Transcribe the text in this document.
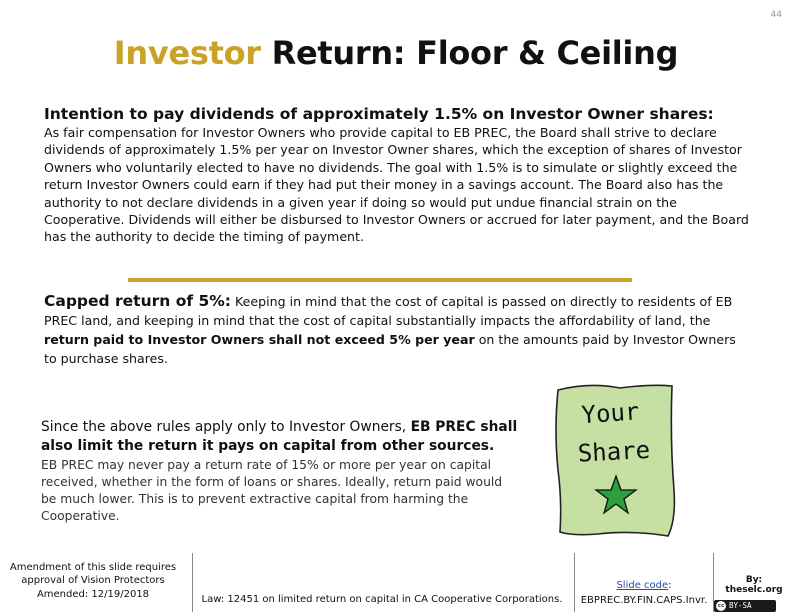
44
Investor Return: Floor & Ceiling
Intention to pay dividends of approximately 1.5% on Investor Owner shares:
As fair compensation for Investor Owners who provide capital to EB PREC, the Board shall strive to declare dividends of approximately 1.5% per year on Investor Owner shares, which the exception of shares of Investor Owners who voluntarily elected to have no dividends. The goal with 1.5% is to simulate or slightly exceed the return Investor Owners could earn if they had put their money in a savings account. The Board also has the authority to not declare dividends in a given year if doing so would put undue financial strain on the Cooperative. Dividends will either be disbursed to Investor Owners or accrued for later payment, and the Board has the authority to decide the timing of payment.
Capped return of 5%: Keeping in mind that the cost of capital is passed on directly to residents of EB PREC land, and keeping in mind that the cost of capital substantially impacts the affordability of land, the return paid to Investor Owners shall not exceed 5% per year on the amounts paid by Investor Owners to purchase shares.
Since the above rules apply only to Investor Owners, EB PREC shall also limit the return it pays on capital from other sources.
EB PREC may never pay a return rate of 15% or more per year on capital received, whether in the form of loans or shares. Ideally, return paid would be much lower. This is to prevent extractive capital from harming the Cooperative.
Your
Share
Amendment of this slide requires
approval of Vision Protectors
Amended: 12/19/2018	Law: 12451 on limited return on capital in CA Cooperative Corporations.
Slide code:
EBPREC.BY.FIN.CAPS.Invr.
By: theselc.org
cc BY-SA
